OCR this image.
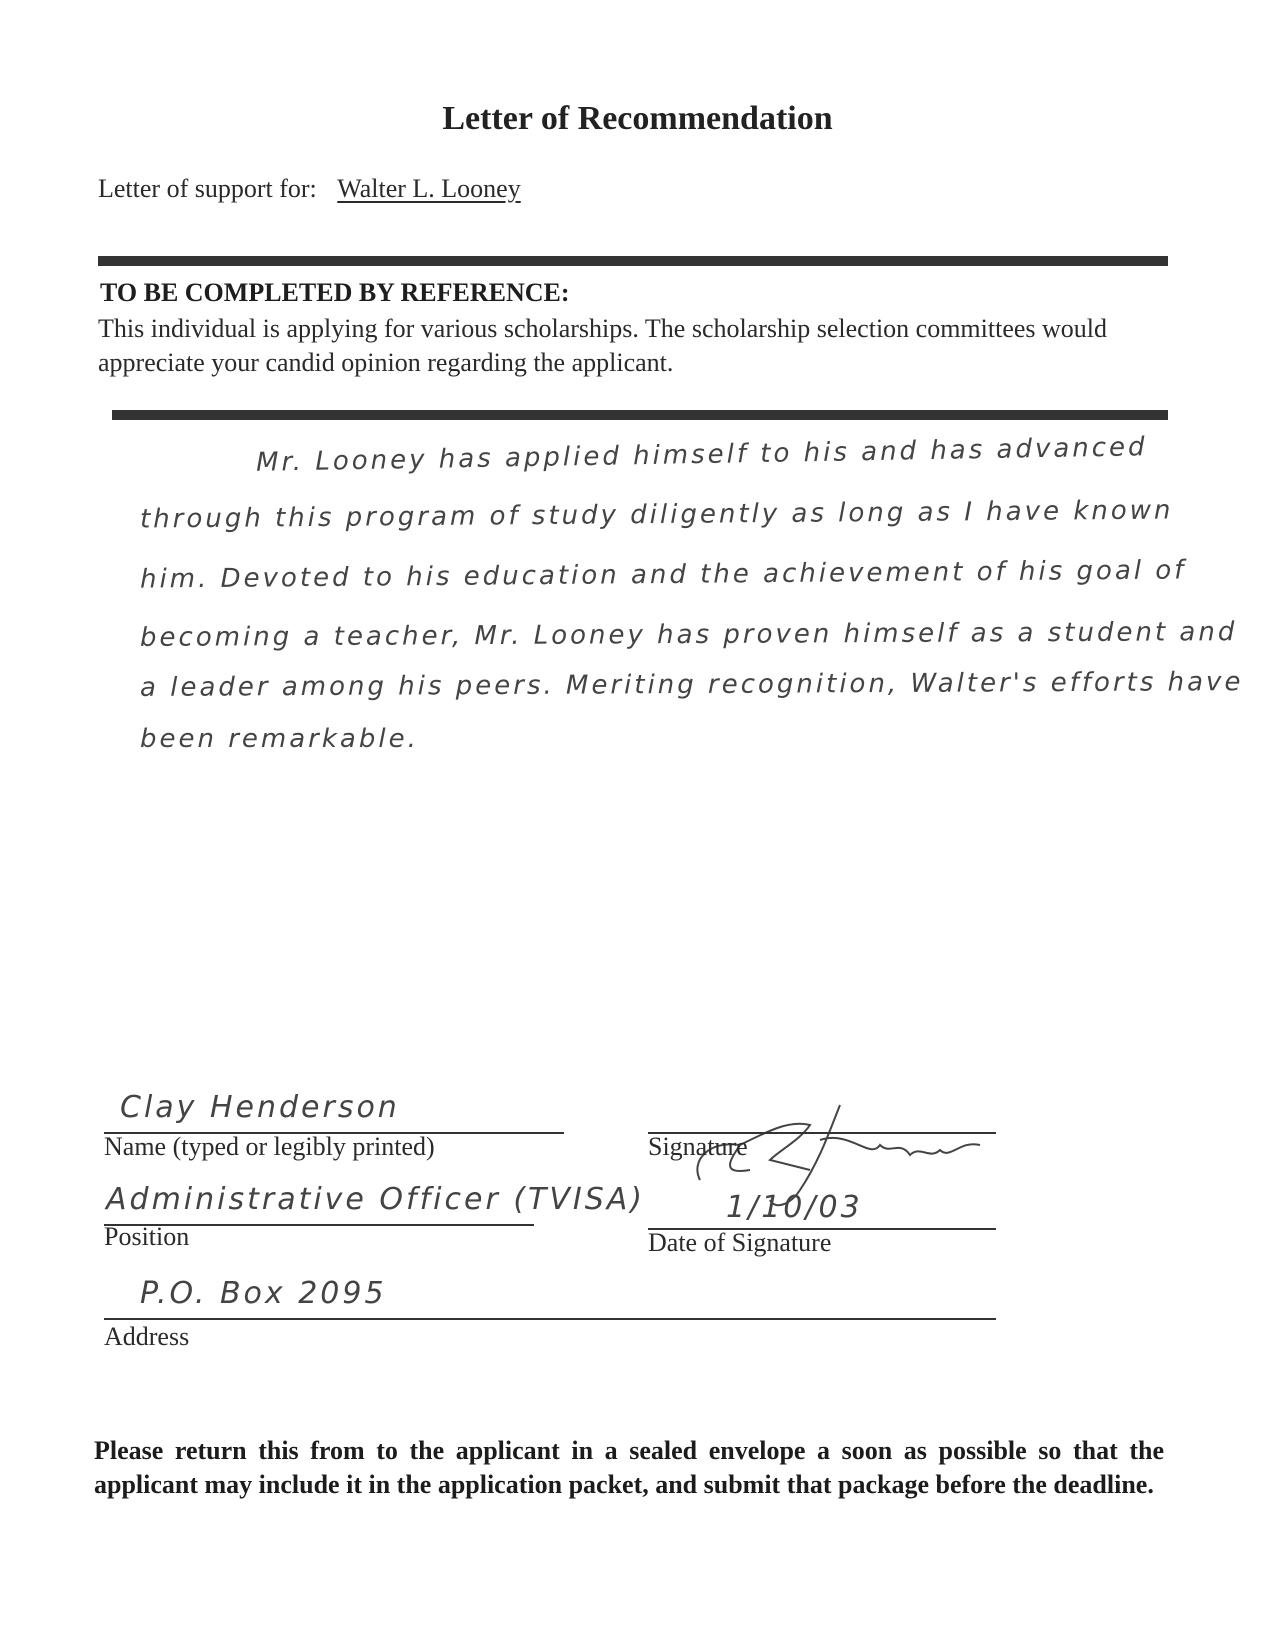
Letter of Recommendation
Letter of support for: Walter L. Looney
TO BE COMPLETED BY REFERENCE:
This individual is applying for various scholarships. The scholarship selection committees would appreciate your candid opinion regarding the applicant.
Mr. Looney has applied himself to his and has advanced
through this program of study diligently as long as I have known
him. Devoted to his education and the achievement of his goal of
becoming a teacher, Mr. Looney has proven himself as a student and
a leader among his peers. Meriting recognition, Walter's efforts have
been remarkable.
Clay Henderson
Name (typed or legibly printed)	Signature
Administrative Officer (TVISA)
Position
1/10/03
Date of Signature
P.O. Box 2095
Address
Please return this from to the applicant in a sealed envelope a soon as possible so that the applicant may include it in the application packet, and submit that package before the deadline.
